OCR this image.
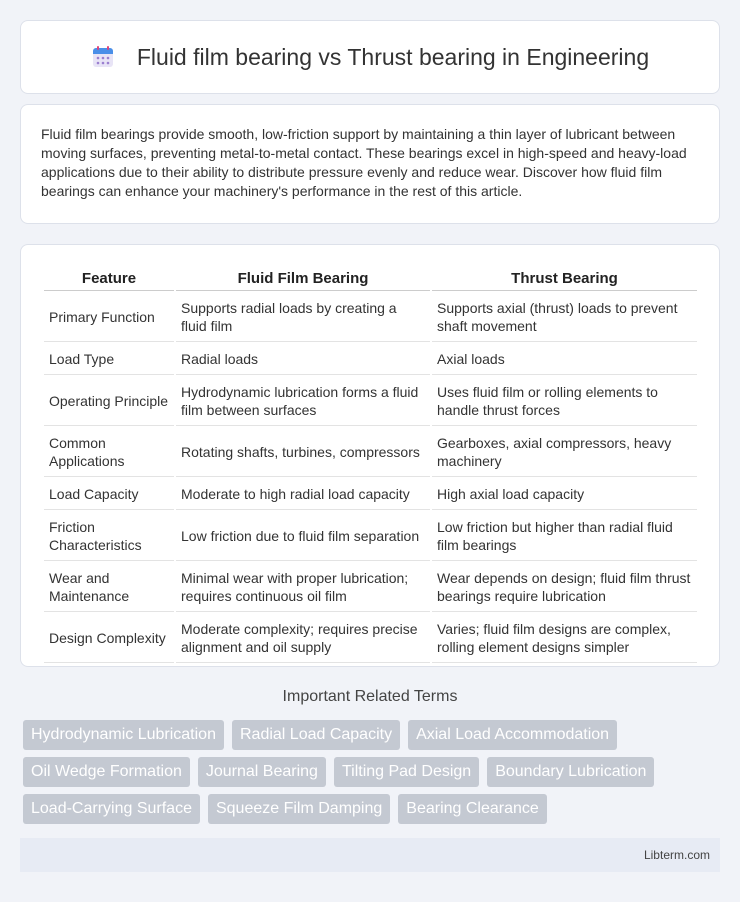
Fluid film bearing vs Thrust bearing in Engineering

Fluid film bearings provide smooth, low-friction support by maintaining a thin layer of lubricant between moving surfaces, preventing metal-to-metal contact. These bearings excel in high-speed and heavy-load applications due to their ability to distribute pressure evenly and reduce wear. Discover how fluid film bearings can enhance your machinery's performance in the rest of this article.

Feature	Fluid Film Bearing	Thrust Bearing
Primary Function	Supports radial loads by creating a fluid film	Supports axial (thrust) loads to prevent shaft movement
Load Type	Radial loads	Axial loads
Operating Principle	Hydrodynamic lubrication forms a fluid film between surfaces	Uses fluid film or rolling elements to handle thrust forces
Common Applications	Rotating shafts, turbines, compressors	Gearboxes, axial compressors, heavy machinery
Load Capacity	Moderate to high radial load capacity	High axial load capacity
Friction Characteristics	Low friction due to fluid film separation	Low friction but higher than radial fluid film bearings
Wear and Maintenance	Minimal wear with proper lubrication; requires continuous oil film	Wear depends on design; fluid film thrust bearings require lubrication
Design Complexity	Moderate complexity; requires precise alignment and oil supply	Varies; fluid film designs are complex, rolling element designs simpler
Important Related Terms
Hydrodynamic Lubrication	Radial Load Capacity	Axial Load Accommodation
Oil Wedge Formation	Journal Bearing	Tilting Pad Design	Boundary Lubrication
Load-Carrying Surface	Squeeze Film Damping	Bearing Clearance
Libterm.com
